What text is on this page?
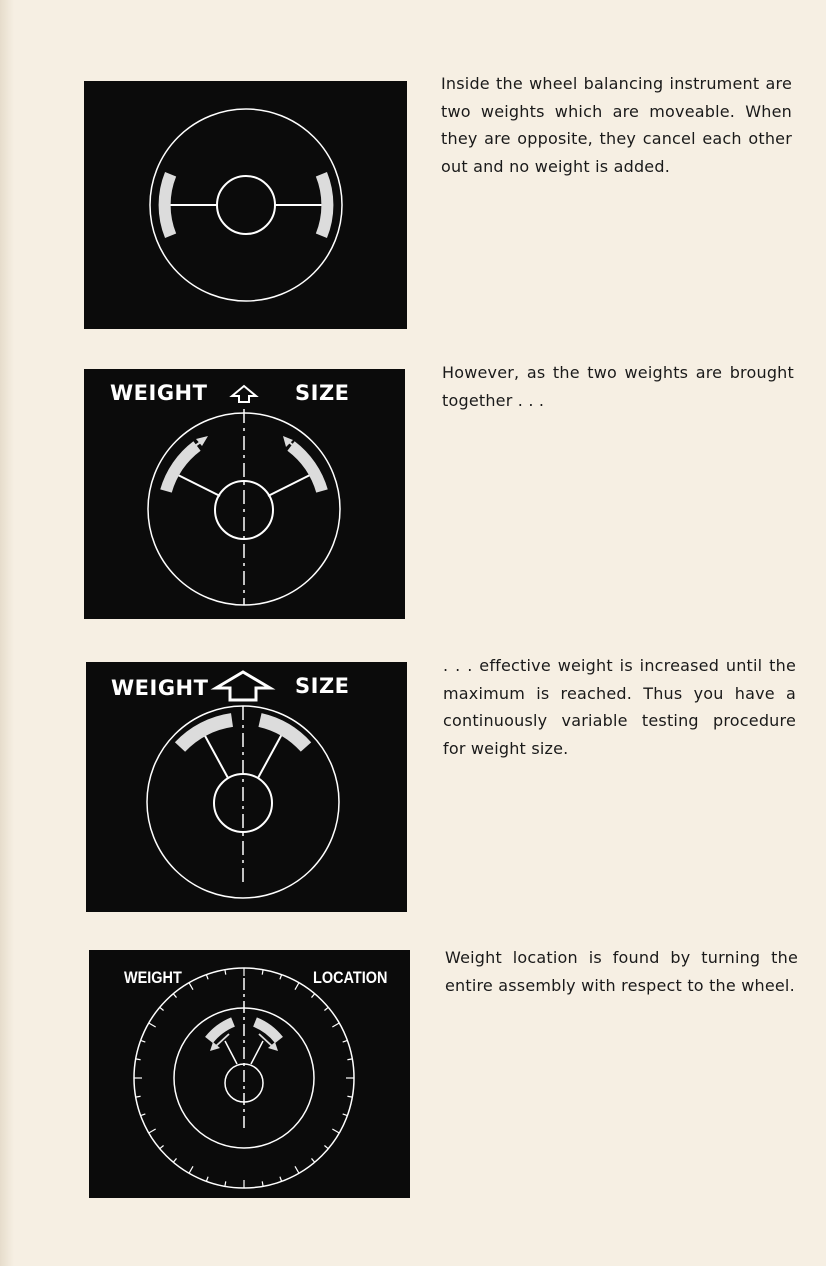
Inside the wheel balancing instrument are two weights which are moveable. When they are opposite, they cancel each other out and no weight is added.
WEIGHT	SIZE
However, as the two weights are brought together . . .
WEIGHT	SIZE
. . . effective weight is increased until the maximum is reached. Thus you have a continuously variable testing procedure for weight size.
WEIGHT	LOCATION
Weight location is found by turning the entire assembly with respect to the wheel.
